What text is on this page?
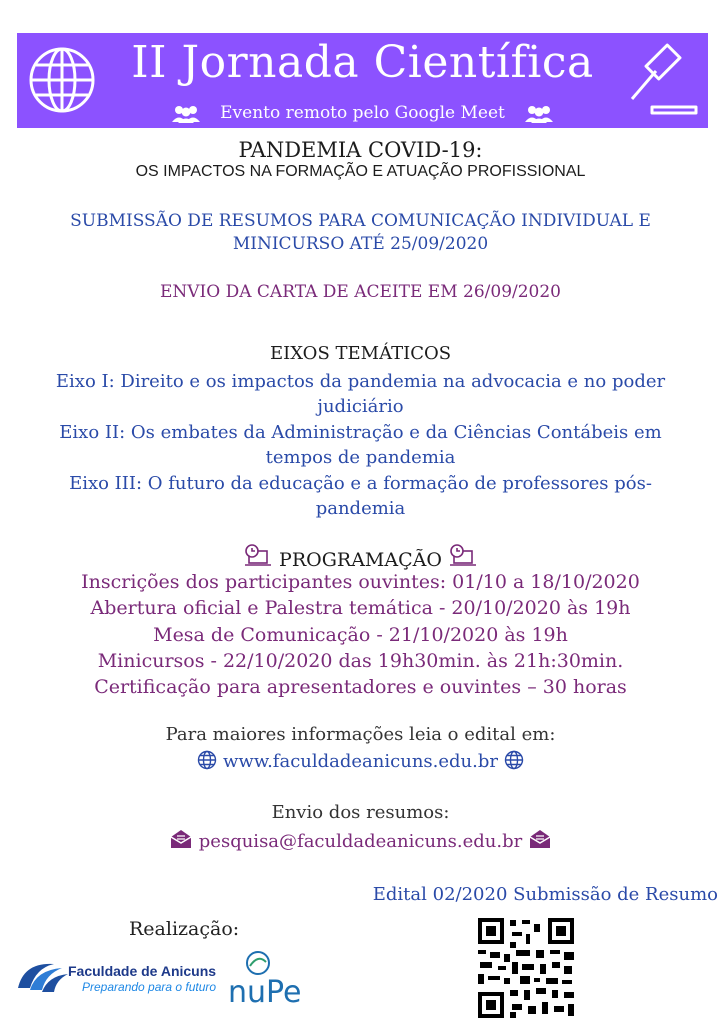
II Jornada Científica
Evento remoto pelo Google Meet
PANDEMIA COVID-19:
OS IMPACTOS NA FORMAÇÃO E ATUAÇÃO PROFISSIONAL
SUBMISSÃO DE RESUMOS PARA COMUNICAÇÃO INDIVIDUAL E
MINICURSO ATÉ 25/09/2020
ENVIO DA CARTA DE ACEITE EM 26/09/2020
EIXOS TEMÁTICOS
Eixo I: Direito e os impactos da pandemia na advocacia e no poder
judiciário
Eixo II: Os embates da Administração e da Ciências Contábeis em
tempos de pandemia
Eixo III: O futuro da educação e a formação de professores pós-
pandemia
PROGRAMAÇÃO
Inscrições dos participantes ouvintes: 01/10 a 18/10/2020
Abertura oficial e Palestra temática - 20/10/2020 às 19h
Mesa de Comunicação - 21/10/2020 às 19h
Minicursos - 22/10/2020 das 19h30min. às 21h:30min.
Certificação para apresentadores e ouvintes – 30 horas
Para maiores informações leia o edital em:
www.faculdadeanicuns.edu.br
Envio dos resumos:
pesquisa@faculdadeanicuns.edu.br
Edital 02/2020 Submissão de Resumo
Realização:
Faculdade de Anicuns
Preparando para o futuro nuPe
